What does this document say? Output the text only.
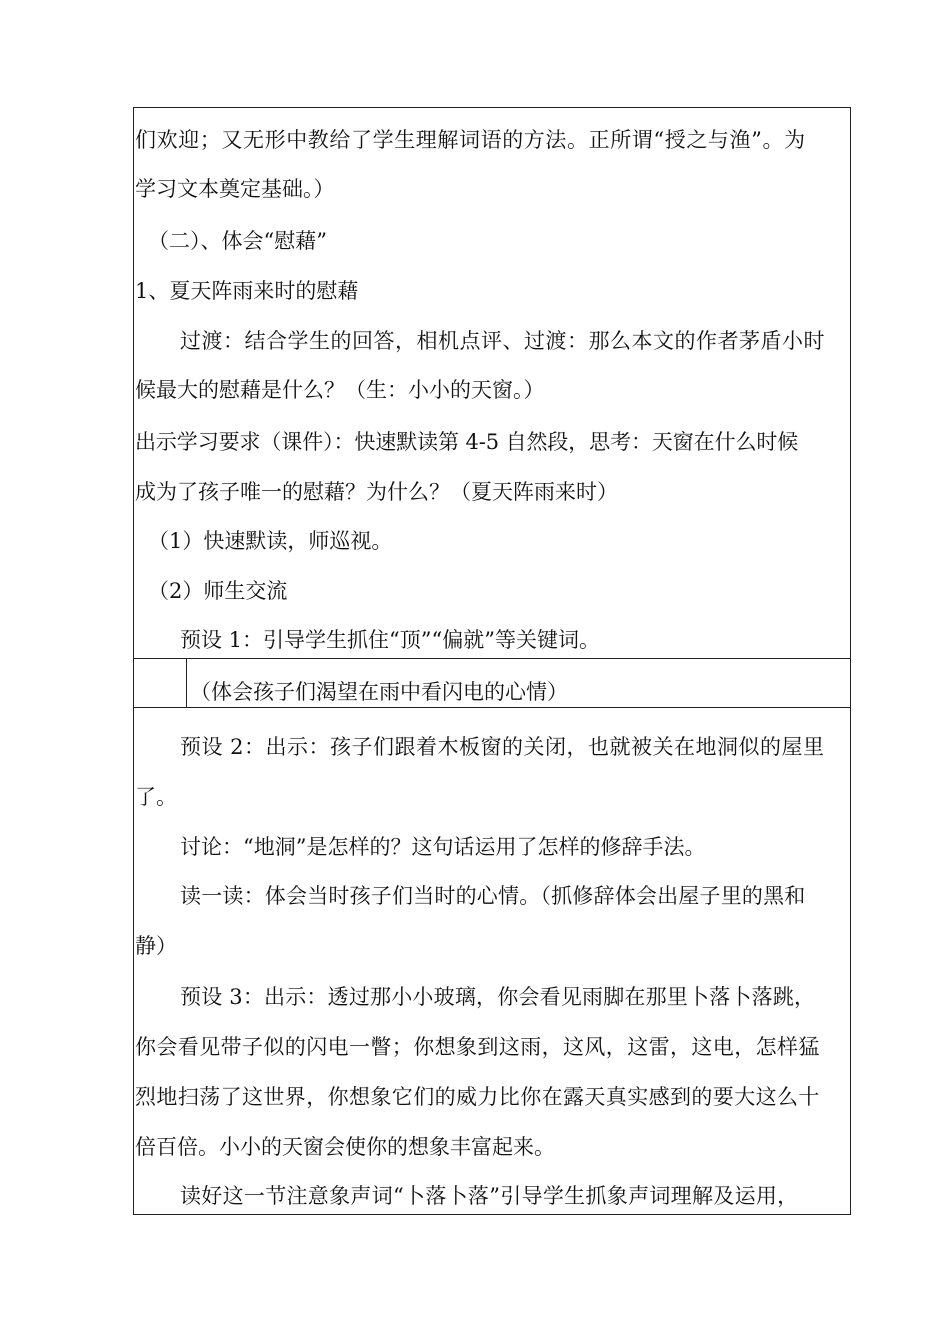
们欢迎；又无形中教给了学生理解词语的方法。正所谓“授之与渔”。为
学习文本奠定基础。）
（二）、体会“慰藉”
1、夏天阵雨来时的慰藉
过渡：结合学生的回答，相机点评、过渡：那么本文的作者茅盾小时
候最大的慰藉是什么？（生：小小的天窗。）
出示学习要求（课件）：快速默读第 4-5 自然段，思考：天窗在什么时候
成为了孩子唯一的慰藉？为什么？（夏天阵雨来时）
（1）快速默读，师巡视。
（2）师生交流
预设 1：引导学生抓住“顶”“偏就”等关键词。
（体会孩子们渴望在雨中看闪电的心情）
预设 2：出示：孩子们跟着木板窗的关闭，也就被关在地洞似的屋里
了。
讨论：“地洞”是怎样的？这句话运用了怎样的修辞手法。
读一读：体会当时孩子们当时的心情。（抓修辞体会出屋子里的黑和
静）
预设 3：出示：透过那小小玻璃，你会看见雨脚在那里卜落卜落跳，
你会看见带子似的闪电一瞥；你想象到这雨，这风，这雷，这电，怎样猛
烈地扫荡了这世界，你想象它们的威力比你在露天真实感到的要大这么十
倍百倍。小小的天窗会使你的想象丰富起来。
读好这一节注意象声词“卜落卜落”引导学生抓象声词理解及运用，
